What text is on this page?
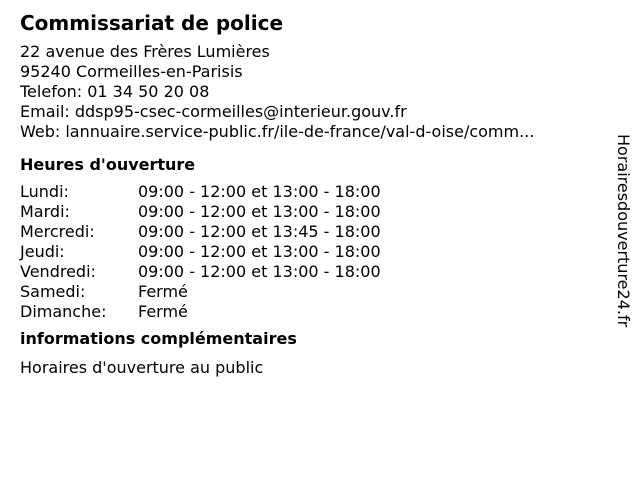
Commissariat de police
22 avenue des Frères Lumières
95240 Cormeilles-en-Parisis
Telefon: 01 34 50 20 08
Email: ddsp95-csec-cormeilles@interieur.gouv.fr
Web: lannuaire.service-public.fr/ile-de-france/val-d-oise/comm...
Heures d'ouverture
Lundi:	09:00 - 12:00 et 13:00 - 18:00
Mardi:	09:00 - 12:00 et 13:00 - 18:00
Mercredi:	09:00 - 12:00 et 13:45 - 18:00
Jeudi:	09:00 - 12:00 et 13:00 - 18:00
Vendredi:	09:00 - 12:00 et 13:00 - 18:00
Samedi:	Fermé
Dimanche:	Fermé
informations complémentaires
Horaires d'ouverture au public
Horairesdouverture24.fr
